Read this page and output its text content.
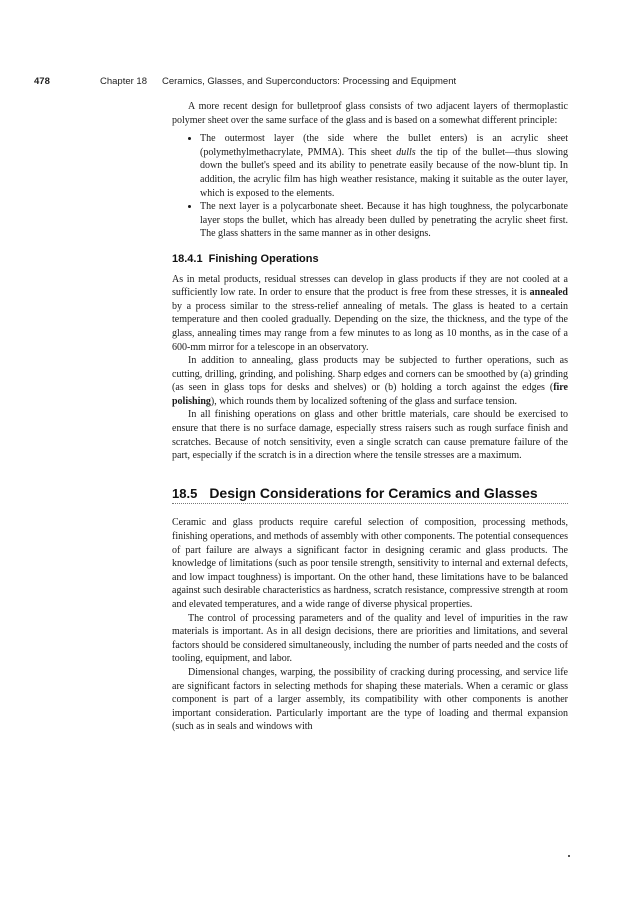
478	Chapter 18 Ceramics, Glasses, and Superconductors: Processing and Equipment

A more recent design for bulletproof glass consists of two adjacent layers of thermoplastic polymer sheet over the same surface of the glass and is based on a somewhat different principle:

• The outermost layer (the side where the bullet enters) is an acrylic sheet (polymethylmethacrylate, PMMA). This sheet dulls the tip of the bullet—thus slowing down the bullet's speed and its ability to penetrate easily because of the now-blunt tip. In addition, the acrylic film has high weather resistance, making it suitable as the outer layer, which is exposed to the elements.
• The next layer is a polycarbonate sheet. Because it has high toughness, the polycarbonate layer stops the bullet, which has already been dulled by penetrating the acrylic sheet first. The glass shatters in the same manner as in other designs.
18.4.1 Finishing Operations

As in metal products, residual stresses can develop in glass products if they are not cooled at a sufficiently low rate. In order to ensure that the product is free from these stresses, it is annealed by a process similar to the stress-relief annealing of metals. The glass is heated to a certain temperature and then cooled gradually. Depending on the size, the thickness, and the type of the glass, annealing times may range from a few minutes to as long as 10 months, as in the case of a 600-mm mirror for a telescope in an observatory.

In addition to annealing, glass products may be subjected to further operations, such as cutting, drilling, grinding, and polishing. Sharp edges and corners can be smoothed by (a) grinding (as seen in glass tops for desks and shelves) or (b) holding a torch against the edges (fire polishing), which rounds them by localized softening of the glass and surface tension.

In all finishing operations on glass and other brittle materials, care should be exercised to ensure that there is no surface damage, especially stress raisers such as rough surface finish and scratches. Because of notch sensitivity, even a single scratch can cause premature failure of the part, especially if the scratch is in a direction where the tensile stresses are a maximum.

18.5 Design Considerations for Ceramics and Glasses

Ceramic and glass products require careful selection of composition, processing methods, finishing operations, and methods of assembly with other components. The potential consequences of part failure are always a significant factor in designing ceramic and glass products. The knowledge of limitations (such as poor tensile strength, sensitivity to internal and external defects, and low impact toughness) is important. On the other hand, these limitations have to be balanced against such desirable characteristics as hardness, scratch resistance, compressive strength at room and elevated temperatures, and a wide range of diverse physical properties.

The control of processing parameters and of the quality and level of impurities in the raw materials is important. As in all design decisions, there are priorities and limitations, and several factors should be considered simultaneously, including the number of parts needed and the costs of tooling, equipment, and labor.

Dimensional changes, warping, the possibility of cracking during processing, and service life are significant factors in selecting methods for shaping these materials. When a ceramic or glass component is part of a larger assembly, its compatibility with other components is another important consideration. Particularly important are the type of loading and thermal expansion (such as in seals and windows with
